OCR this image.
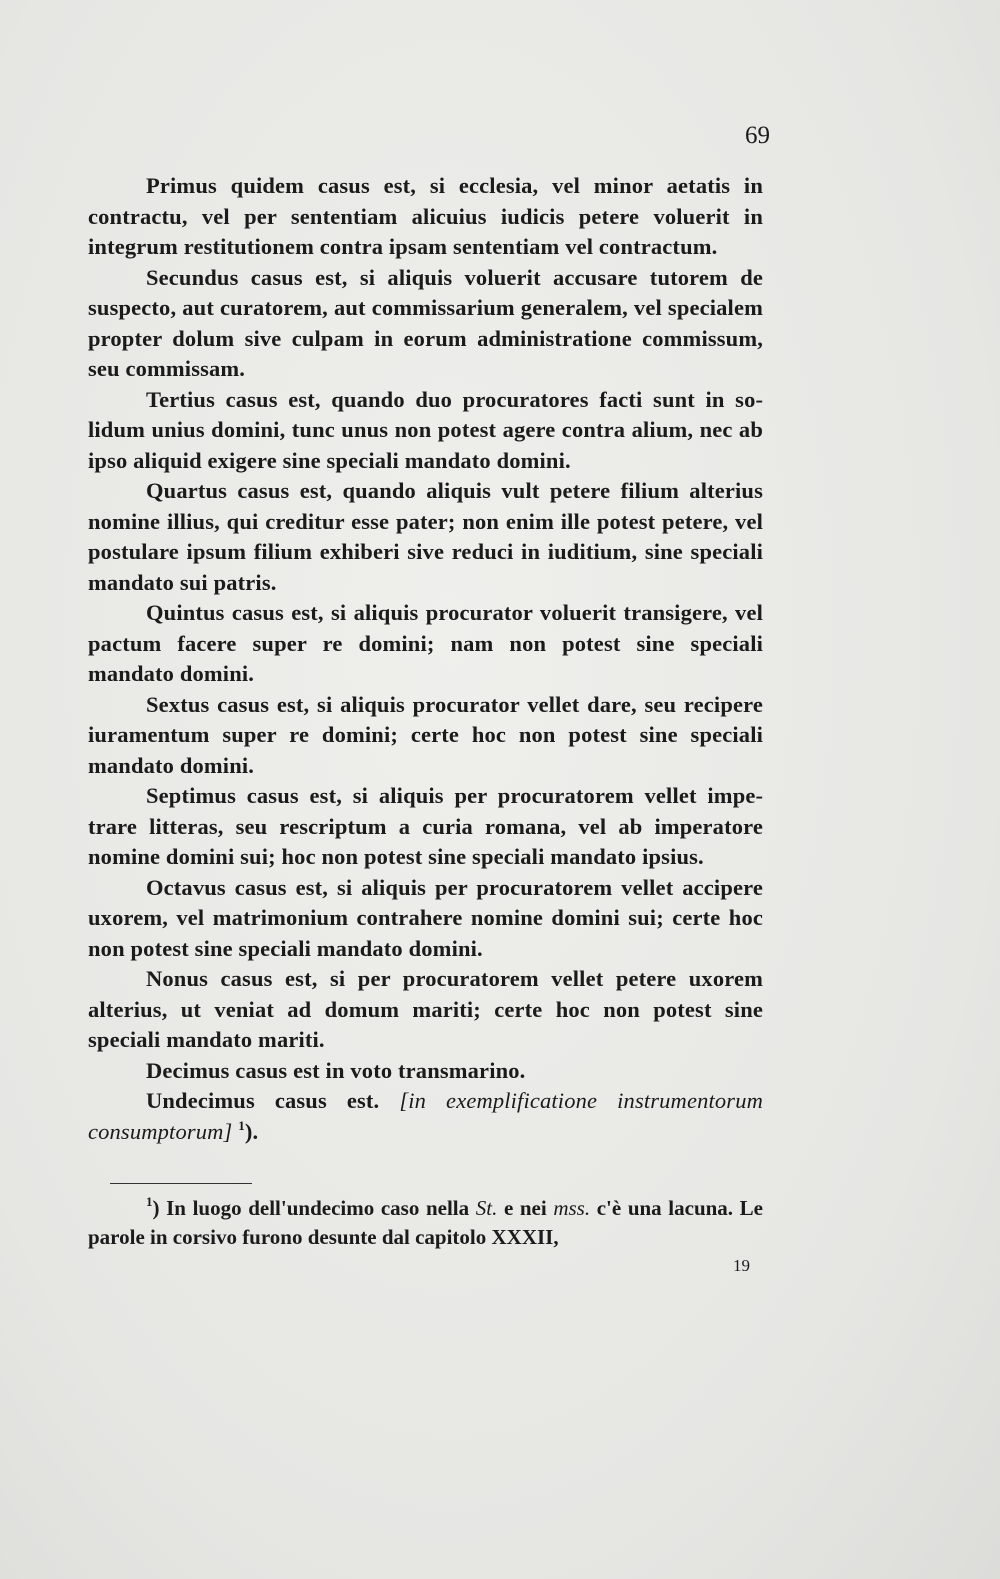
69

Primus quidem casus est, si ecclesia, vel minor aetatis in contractu, vel per sententiam alicuius iudicis petere voluerit in integrum restitutionem contra ipsam sententiam vel contractum.

Secundus casus est, si aliquis voluerit accusare tutorem de suspecto, aut curatorem, aut commissarium generalem, vel specialem propter dolum sive culpam in eorum administratione commissum, seu commissam.

Tertius casus est, quando duo procuratores facti sunt in solidum unius domini, tunc unus non potest agere contra alium, nec ab ipso aliquid exigere sine speciali mandato domini.

Quartus casus est, quando aliquis vult petere filium alterius nomine illius, qui creditur esse pater; non enim ille potest petere, vel postulare ipsum filium exhiberi sive reduci in iuditium, sine speciali mandato sui patris.

Quintus casus est, si aliquis procurator voluerit transigere, vel pactum facere super re domini; nam non potest sine speciali mandato domini.

Sextus casus est, si aliquis procurator vellet dare, seu recipere iuramentum super re domini; certe hoc non potest sine speciali mandato domini.

Septimus casus est, si aliquis per procuratorem vellet impetrare litteras, seu rescriptum a curia romana, vel ab imperatore nomine domini sui; hoc non potest sine speciali mandato ipsius.

Octavus casus est, si aliquis per procuratorem vellet accipere uxorem, vel matrimonium contrahere nomine domini sui; certe hoc non potest sine speciali mandato domini.

Nonus casus est, si per procuratorem vellet petere uxorem alterius, ut veniat ad domum mariti; certe hoc non potest sine speciali mandato mariti.

Decimus casus est in voto transmarino.

Undecimus casus est. [in exemplificatione instrumentorum consumptorum] $^1$).

$^1$) In luogo dell'undecimo caso nella St. e nei mss. c'è una lacuna. Le parole in corsivo furono desunte dal capitolo XXXII,

19
